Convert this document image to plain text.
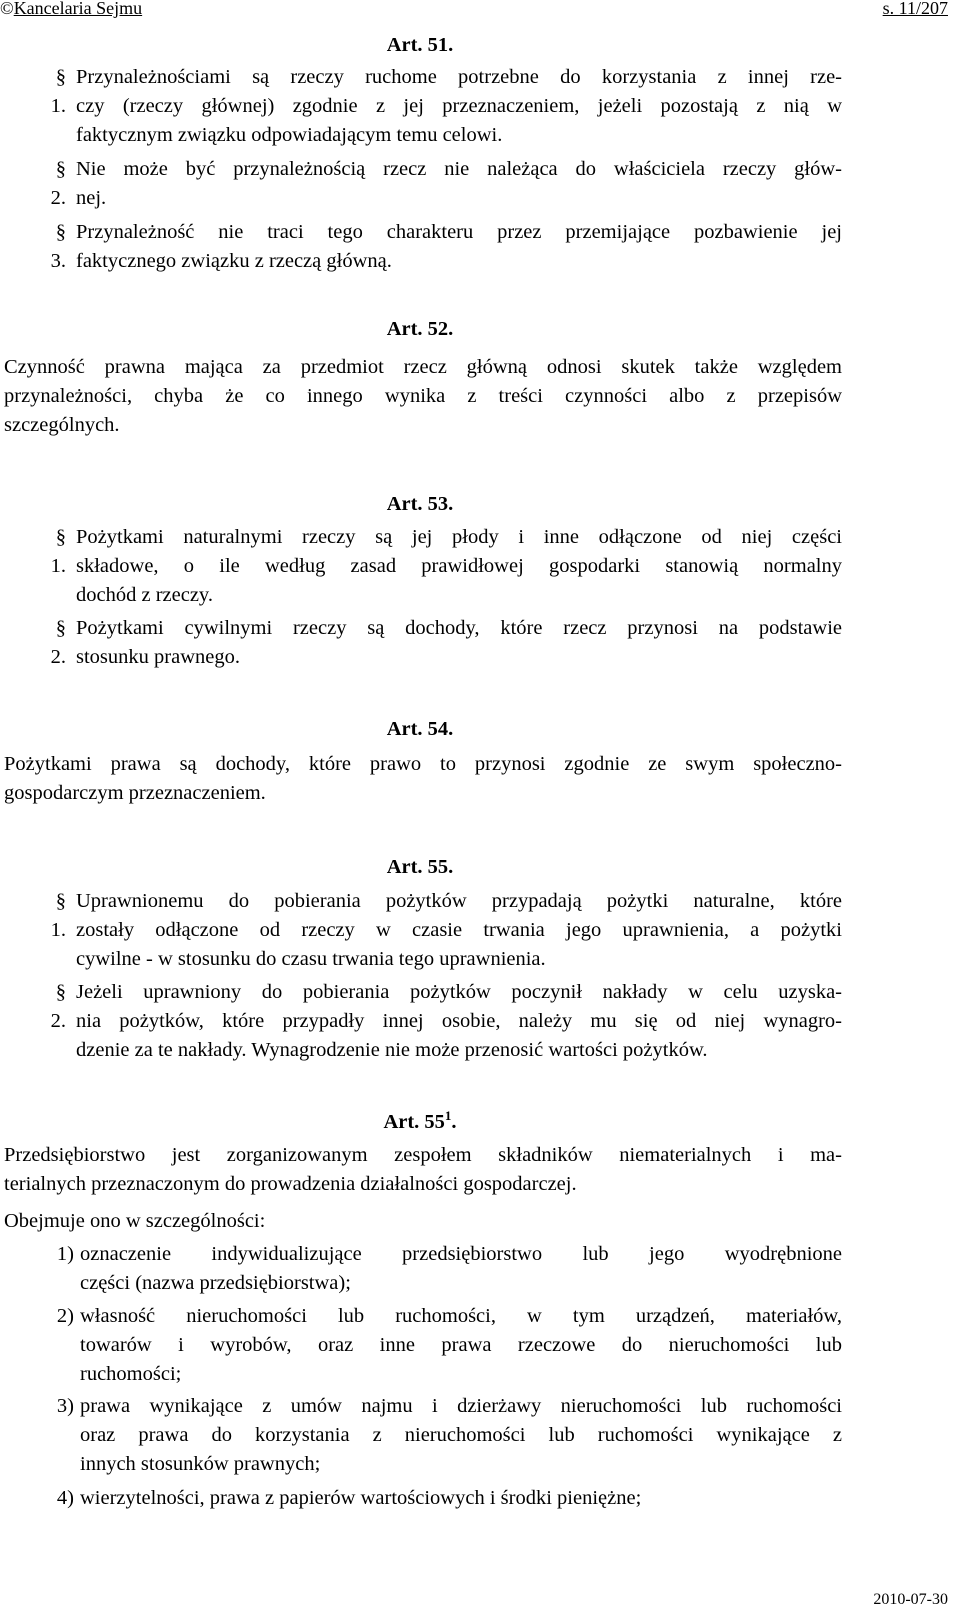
©Kancelaria Sejmu	s. 11/207
Art. 51.
§ 1.
Przynależnościami są rzeczy ruchome potrzebne do korzystania z innej rze-
czy (rzeczy głównej) zgodnie z jej przeznaczeniem, jeżeli pozostają z nią w
faktycznym związku odpowiadającym temu celowi.
§ 2.
Nie może być przynależnością rzecz nie należąca do właściciela rzeczy głów-
nej.
§ 3.
Przynależność nie traci tego charakteru przez przemijające pozbawienie jej
faktycznego związku z rzeczą główną.
Art. 52.
Czynność prawna mająca za przedmiot rzecz główną odnosi skutek także względem
przynależności, chyba że co innego wynika z treści czynności albo z przepisów
szczególnych.
Art. 53.
§ 1.
Pożytkami naturalnymi rzeczy są jej płody i inne odłączone od niej części
składowe, o ile według zasad prawidłowej gospodarki stanowią normalny
dochód z rzeczy.
§ 2.
Pożytkami cywilnymi rzeczy są dochody, które rzecz przynosi na podstawie
stosunku prawnego.
Art. 54.
Pożytkami prawa są dochody, które prawo to przynosi zgodnie ze swym społeczno-
gospodarczym przeznaczeniem.
Art. 55.
§ 1.
Uprawnionemu do pobierania pożytków przypadają pożytki naturalne, które
zostały odłączone od rzeczy w czasie trwania jego uprawnienia, a pożytki
cywilne - w stosunku do czasu trwania tego uprawnienia.
§ 2.
Jeżeli uprawniony do pobierania pożytków poczynił nakłady w celu uzyska-
nia pożytków, które przypadły innej osobie, należy mu się od niej wynagro-
dzenie za te nakłady. Wynagrodzenie nie może przenosić wartości pożytków.
Art. $55^1$.
Przedsiębiorstwo jest zorganizowanym zespołem składników niematerialnych i ma-
terialnych przeznaczonym do prowadzenia działalności gospodarczej.
Obejmuje ono w szczególności:
1) oznaczenie indywidualizujące przedsiębiorstwo lub jego wyodrębnione
części (nazwa przedsiębiorstwa);
2) własność nieruchomości lub ruchomości, w tym urządzeń, materiałów,
towarów i wyrobów, oraz inne prawa rzeczowe do nieruchomości lub
ruchomości;
3) prawa wynikające z umów najmu i dzierżawy nieruchomości lub ruchomości
oraz prawa do korzystania z nieruchomości lub ruchomości wynikające z
innych stosunków prawnych;
4) wierzytelności, prawa z papierów wartościowych i środki pieniężne;
2010-07-30
